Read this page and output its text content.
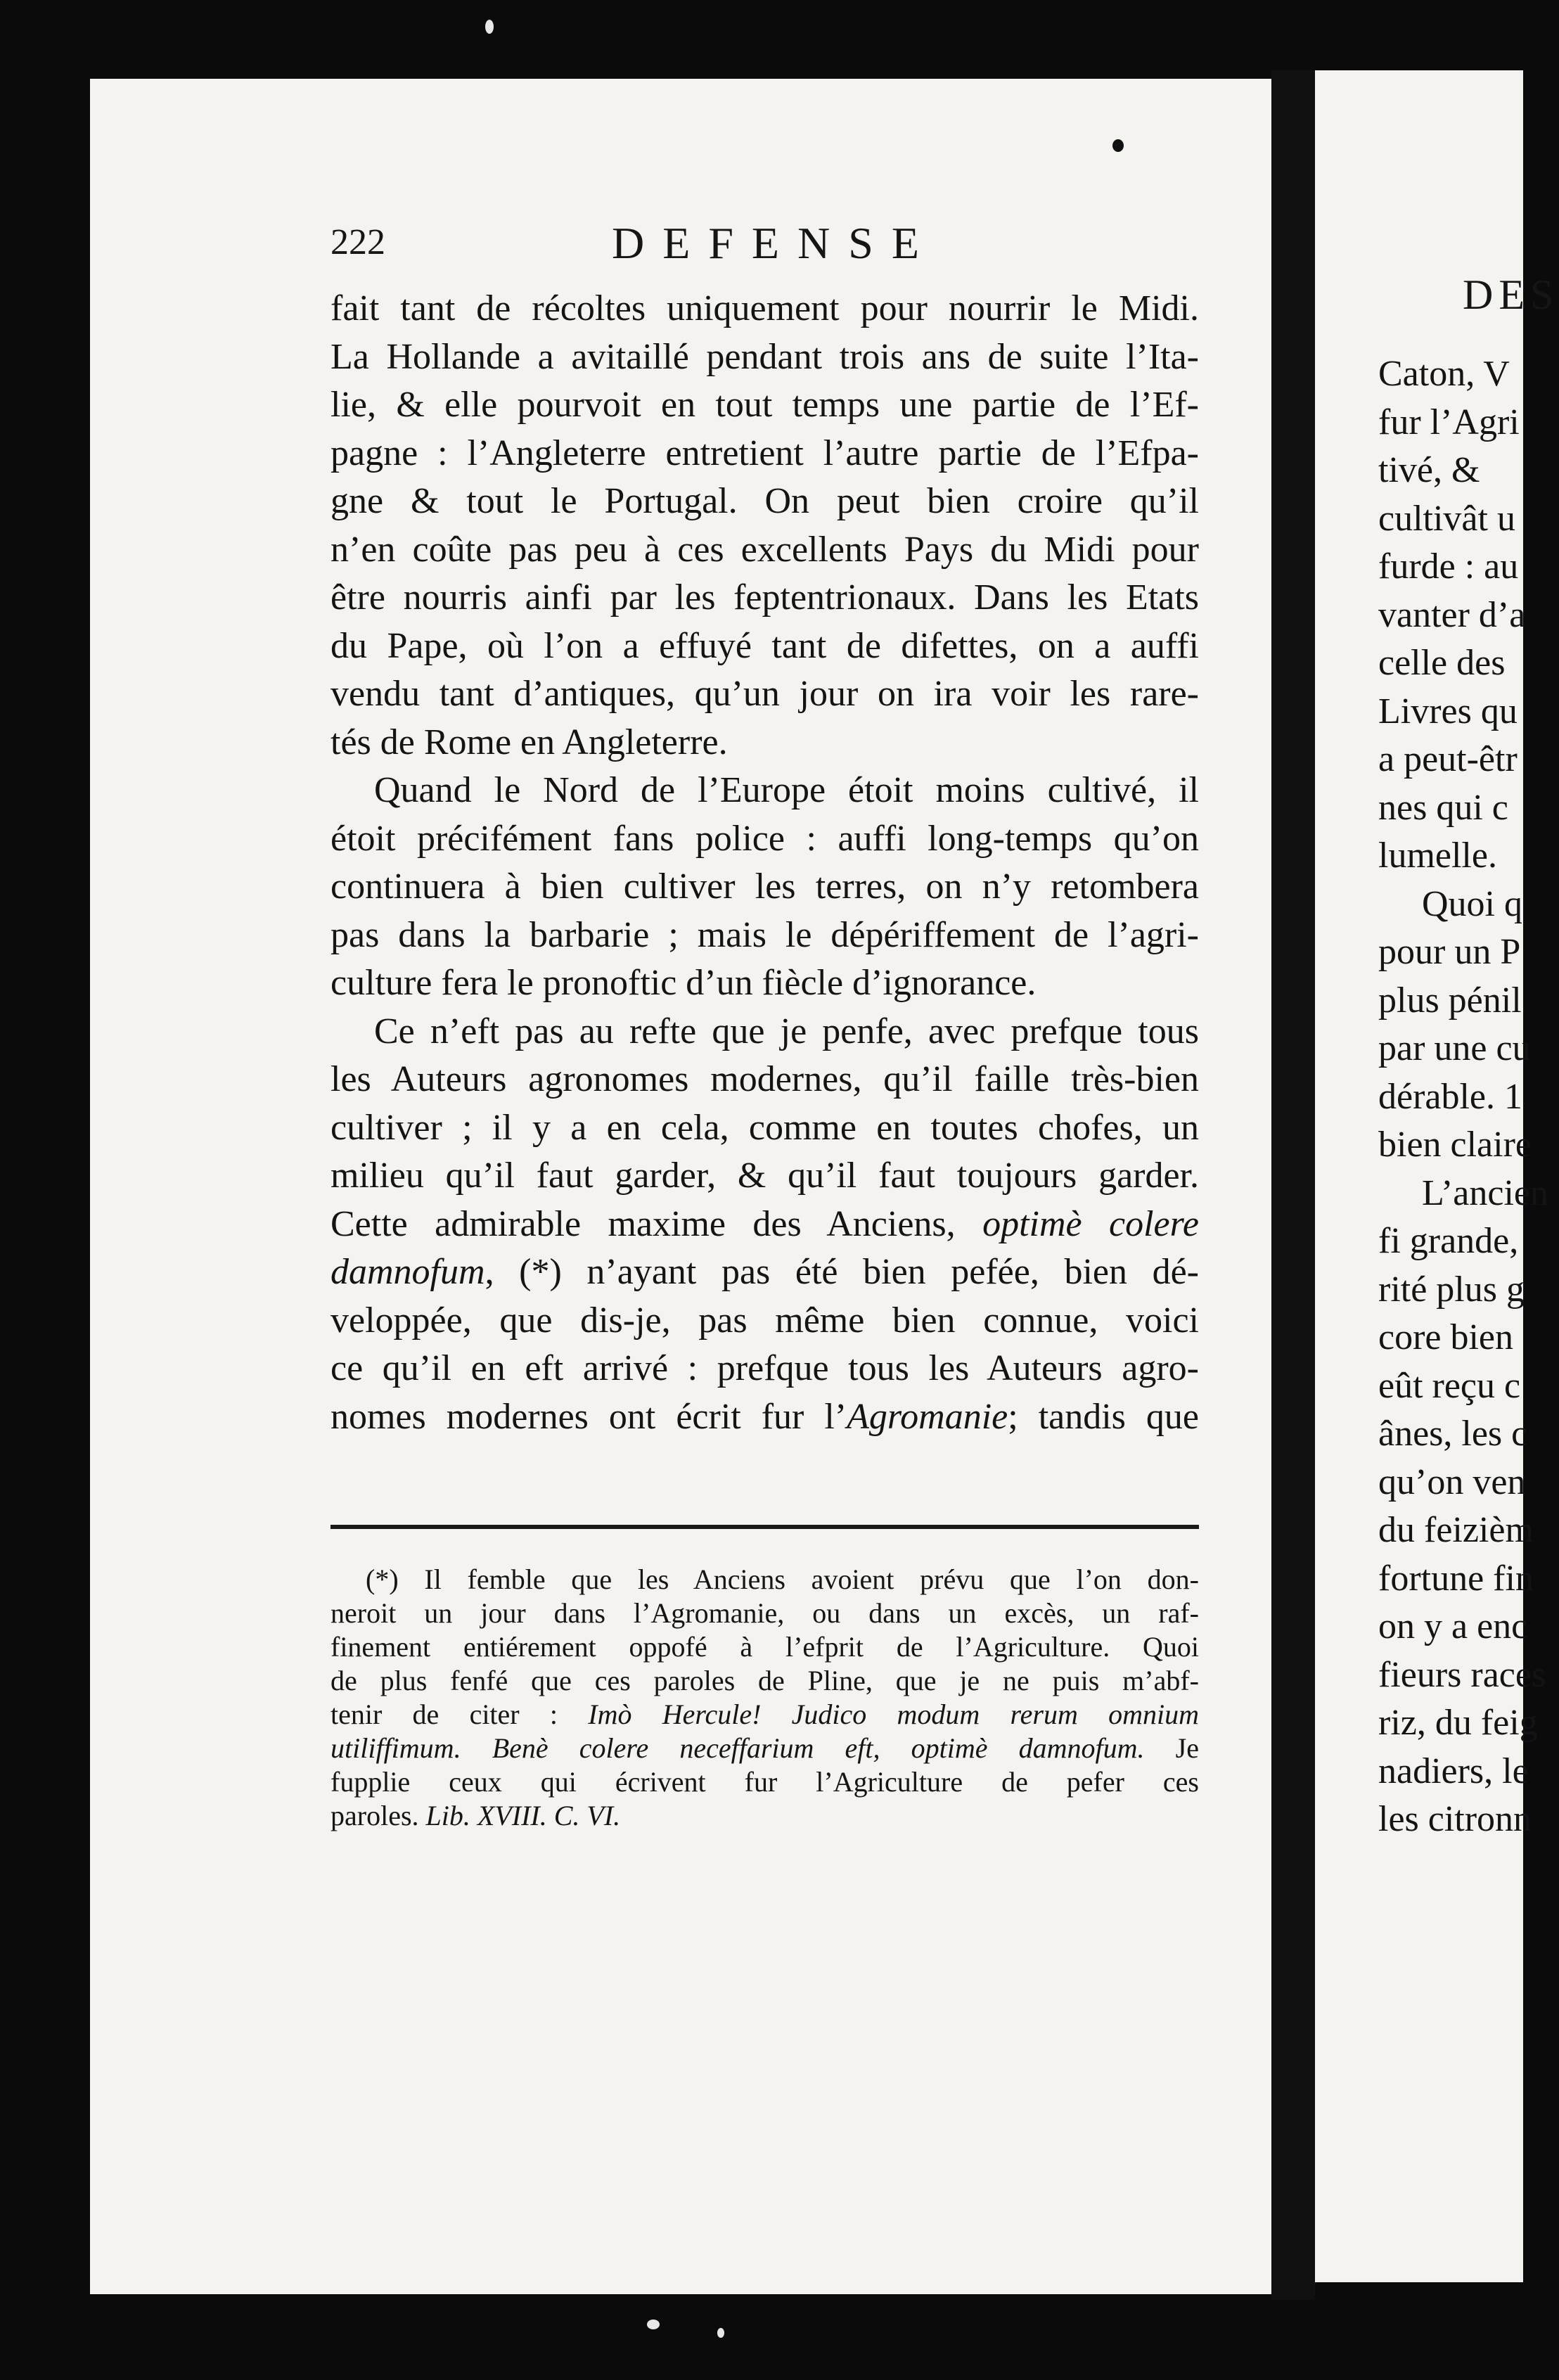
DES
Caton, V
fur l’Agri
tivé, &
cultivât u
furde : au
vanter d’a
celle des
Livres qu
a peut-êtr
nes qui c
lumelle.
Quoi q
pour un P
plus pénil
par une cu
dérable. 1
bien claire
L’ancien
fi grande,
rité plus g
core bien
eût reçu c
ânes, les c
qu’on ven
du feizièm
fortune fin
on y a enc
fieurs races
riz, du feig
nadiers, le
les citronn
222	DEFENSE
fait tant de récoltes uniquement pour nourrir le Midi.
La Hollande a avitaillé pendant trois ans de suite l’Ita-
lie, & elle pourvoit en tout temps une partie de l’Ef-
pagne : l’Angleterre entretient l’autre partie de l’Efpa-
gne & tout le Portugal. On peut bien croire qu’il
n’en coûte pas peu à ces excellents Pays du Midi pour
être nourris ainfi par les feptentrionaux. Dans les Etats
du Pape, où l’on a effuyé tant de difettes, on a auffi
vendu tant d’antiques, qu’un jour on ira voir les rare-
tés de Rome en Angleterre.
Quand le Nord de l’Europe étoit moins cultivé, il
étoit précifément fans police : auffi long-temps qu’on
continuera à bien cultiver les terres, on n’y retombera
pas dans la barbarie ; mais le dépériffement de l’agri-
culture fera le pronoftic d’un fiècle d’ignorance.
Ce n’eft pas au refte que je penfe, avec prefque tous
les Auteurs agronomes modernes, qu’il faille très-bien
cultiver ; il y a en cela, comme en toutes chofes, un
milieu qu’il faut garder, & qu’il faut toujours garder.
Cette admirable maxime des Anciens, optimè colere
damnofum, (*) n’ayant pas été bien pefée, bien dé-
veloppée, que dis-je, pas même bien connue, voici
ce qu’il en eft arrivé : prefque tous les Auteurs agro-
nomes modernes ont écrit fur l’Agromanie; tandis que
(*) Il femble que les Anciens avoient prévu que l’on don-
neroit un jour dans l’Agromanie, ou dans un excès, un raf-
finement entiérement oppofé à l’efprit de l’Agriculture. Quoi
de plus fenfé que ces paroles de Pline, que je ne puis m’abf-
tenir de citer : Imò Hercule! Judico modum rerum omnium
utiliffimum. Benè colere neceffarium eft, optimè damnofum. Je
fupplie ceux qui écrivent fur l’Agriculture de pefer ces
paroles. Lib. XVIII. C. VI.
